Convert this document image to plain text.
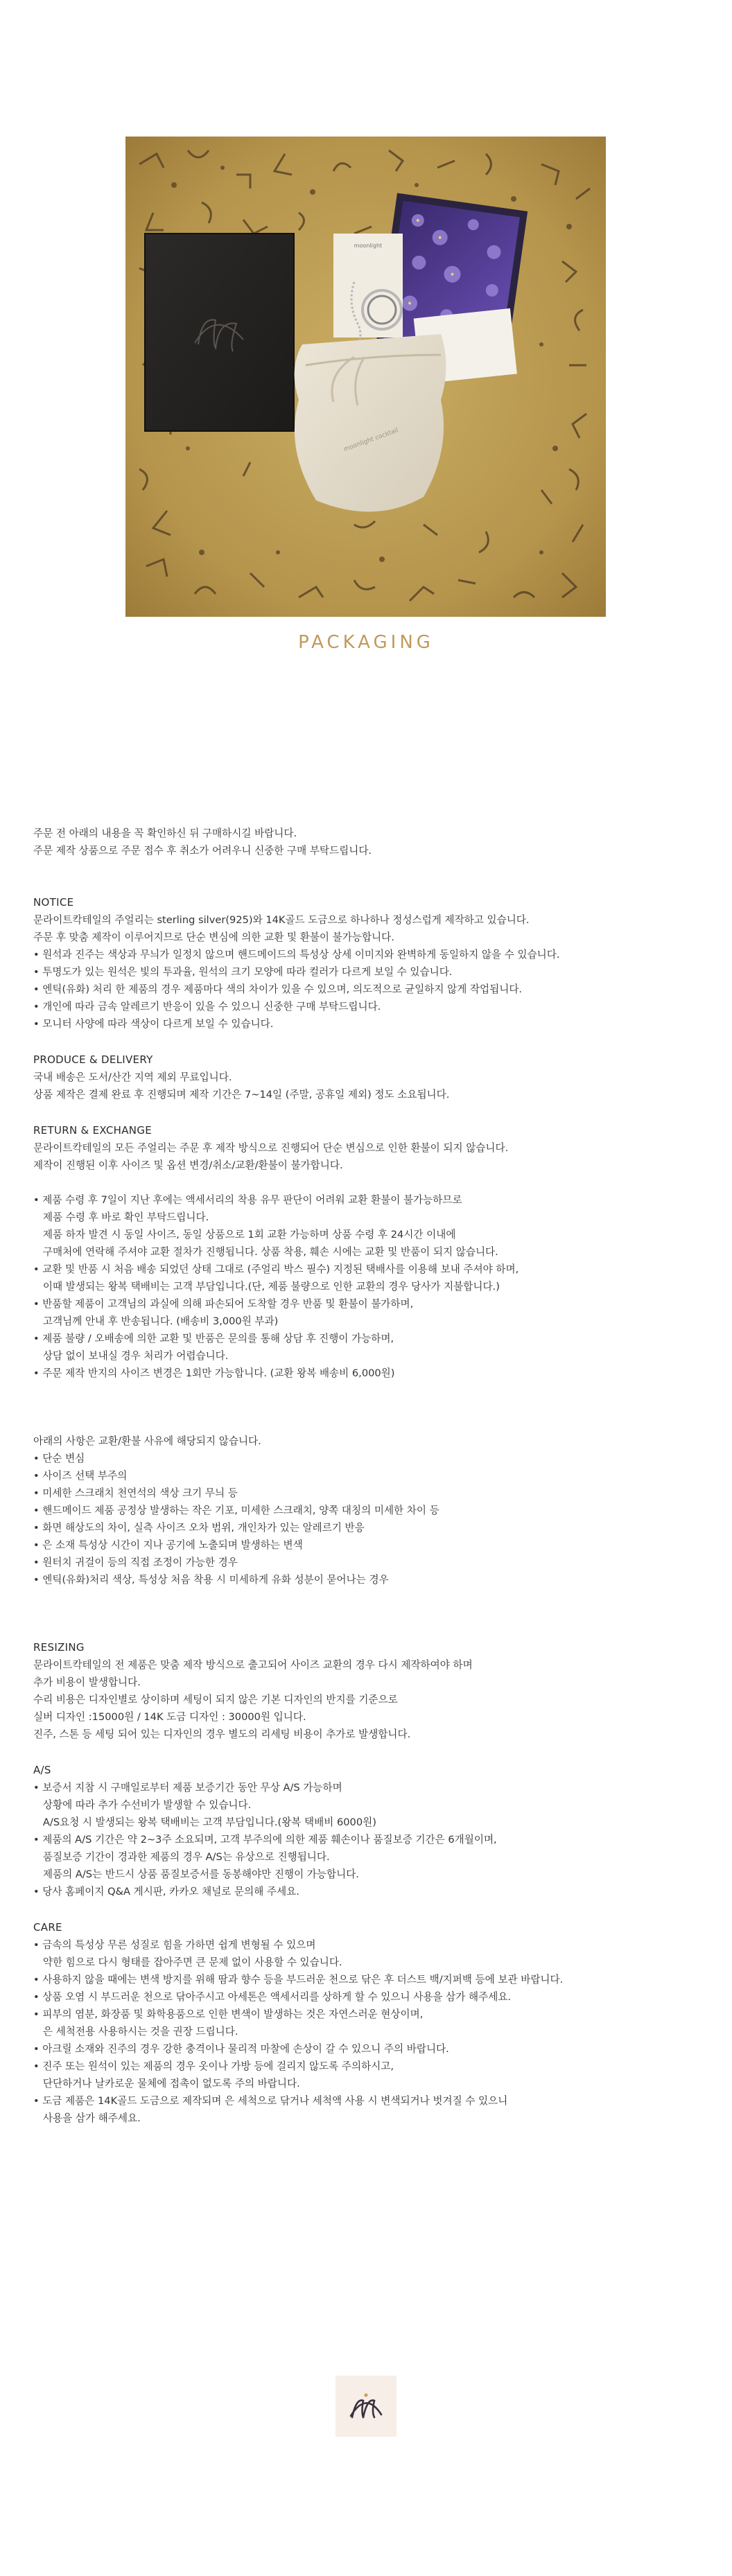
moonlight
moonlight cocktail
PACKAGING

주문 전 아래의 내용을 꼭 확인하신 뒤 구매하시길 바랍니다.

주문 제작 상품으로 주문 접수 후 취소가 어려우니 신중한 구매 부탁드립니다.

NOTICE

문라이트칵테일의 주얼리는 sterling silver(925)와 14K골드 도금으로 하나하나 정성스럽게 제작하고 있습니다.

주문 후 맞춤 제작이 이루어지므로 단순 변심에 의한 교환 및 환불이 불가능합니다.

• 원석과 진주는 색상과 무늬가 일정치 않으며 핸드메이드의 특성상 상세 이미지와 완벽하게 동일하지 않을 수 있습니다.

• 투명도가 있는 원석은 빛의 투과율, 원석의 크기 모양에 따라 컬러가 다르게 보일 수 있습니다.

• 엔틱(유화) 처리 한 제품의 경우 제품마다 색의 차이가 있을 수 있으며, 의도적으로 균일하지 않게 작업됩니다.

• 개인에 따라 금속 알레르기 반응이 있을 수 있으니 신중한 구매 부탁드립니다.

• 모니터 사양에 따라 색상이 다르게 보일 수 있습니다.

PRODUCE & DELIVERY

국내 배송은 도서/산간 지역 제외 무료입니다.

상품 제작은 결제 완료 후 진행되며 제작 기간은 7~14일 (주말, 공휴일 제외) 정도 소요됩니다.

RETURN & EXCHANGE

문라이트칵테일의 모든 주얼리는 주문 후 제작 방식으로 진행되어 단순 변심으로 인한 환불이 되지 않습니다.

제작이 진행된 이후 사이즈 및 옵션 변경/취소/교환/환불이 불가합니다.

• 제품 수령 후 7일이 지난 후에는 액세서리의 착용 유무 판단이 어려워 교환 환불이 불가능하므로

제품 수령 후 바로 확인 부탁드립니다.

제품 하자 발견 시 동일 사이즈, 동일 상품으로 1회 교환 가능하며 상품 수령 후 24시간 이내에

구매처에 연락해 주셔야 교환 절차가 진행됩니다. 상품 착용, 훼손 시에는 교환 및 반품이 되지 않습니다.

• 교환 및 반품 시 처음 배송 되었던 상태 그대로 (주얼리 박스 필수) 지정된 택배사를 이용해 보내 주셔야 하며,

이때 발생되는 왕복 택배비는 고객 부담입니다.(단, 제품 불량으로 인한 교환의 경우 당사가 지불합니다.)

• 반품할 제품이 고객님의 과실에 의해 파손되어 도착할 경우 반품 및 환불이 불가하며,

고객님께 안내 후 반송됩니다. (배송비 3,000원 부과)

• 제품 불량 / 오배송에 의한 교환 및 반품은 문의를 통해 상담 후 진행이 가능하며,

상담 없이 보내실 경우 처리가 어렵습니다.

• 주문 제작 반지의 사이즈 변경은 1회만 가능합니다. (교환 왕복 배송비 6,000원)

아래의 사항은 교환/환불 사유에 해당되지 않습니다.

• 단순 변심

• 사이즈 선택 부주의

• 미세한 스크래치 천연석의 색상 크기 무늬 등

• 핸드메이드 제품 공정상 발생하는 작은 기포, 미세한 스크래치, 양쪽 대칭의 미세한 차이 등

• 화면 해상도의 차이, 실측 사이즈 오차 범위, 개인차가 있는 알레르기 반응

• 은 소재 특성상 시간이 지나 공기에 노출되며 발생하는 변색

• 원터치 귀걸이 등의 직접 조정이 가능한 경우

• 엔틱(유화)처리 색상, 특성상 처음 착용 시 미세하게 유화 성분이 묻어나는 경우

RESIZING

문라이트칵테일의 전 제품은 맞춤 제작 방식으로 출고되어 사이즈 교환의 경우 다시 제작하여야 하며

추가 비용이 발생합니다.

수리 비용은 디자인별로 상이하며 세팅이 되지 않은 기본 디자인의 반지를 기준으로

실버 디자인 :15000원 / 14K 도금 디자인 : 30000원 입니다.

진주, 스톤 등 세팅 되어 있는 디자인의 경우 별도의 리세팅 비용이 추가로 발생합니다.

A/S

• 보증서 지참 시 구매일로부터 제품 보증기간 동안 무상 A/S 가능하며

상황에 따라 추가 수선비가 발생할 수 있습니다.

A/S요청 시 발생되는 왕복 택배비는 고객 부담입니다.(왕복 택배비 6000원)

• 제품의 A/S 기간은 약 2~3주 소요되며, 고객 부주의에 의한 제품 훼손이나 품질보증 기간은 6개월이며,

품질보증 기간이 경과한 제품의 경우 A/S는 유상으로 진행됩니다.

제품의 A/S는 반드시 상품 품질보증서를 동봉해야만 진행이 가능합니다.

• 당사 홈페이지 Q&A 게시판, 카카오 채널로 문의해 주세요.

CARE

• 금속의 특성상 무른 성질로 힘을 가하면 쉽게 변형될 수 있으며

약한 힘으로 다시 형태를 잡아주면 큰 문제 없이 사용할 수 있습니다.

• 사용하지 않을 때에는 변색 방지를 위해 땀과 향수 등을 부드러운 천으로 닦은 후 더스트 백/지퍼백 등에 보관 바랍니다.

• 상품 오염 시 부드러운 천으로 닦아주시고 아세톤은 액세서리를 상하게 할 수 있으니 사용을 삼가 해주세요.

• 피부의 염분, 화장품 및 화학용품으로 인한 변색이 발생하는 것은 자연스러운 현상이며,

은 세척전용 사용하시는 것을 권장 드립니다.

• 아크릴 소재와 진주의 경우 강한 충격이나 물리적 마찰에 손상이 갈 수 있으니 주의 바랍니다.

• 진주 또는 원석이 있는 제품의 경우 옷이나 가방 등에 걸리지 않도록 주의하시고,

단단하거나 날카로운 물체에 접촉이 없도록 주의 바랍니다.

• 도금 제품은 14K골드 도금으로 제작되며 은 세척으로 닦거나 세척액 사용 시 변색되거나 벗겨질 수 있으니

사용을 삼가 해주세요.
